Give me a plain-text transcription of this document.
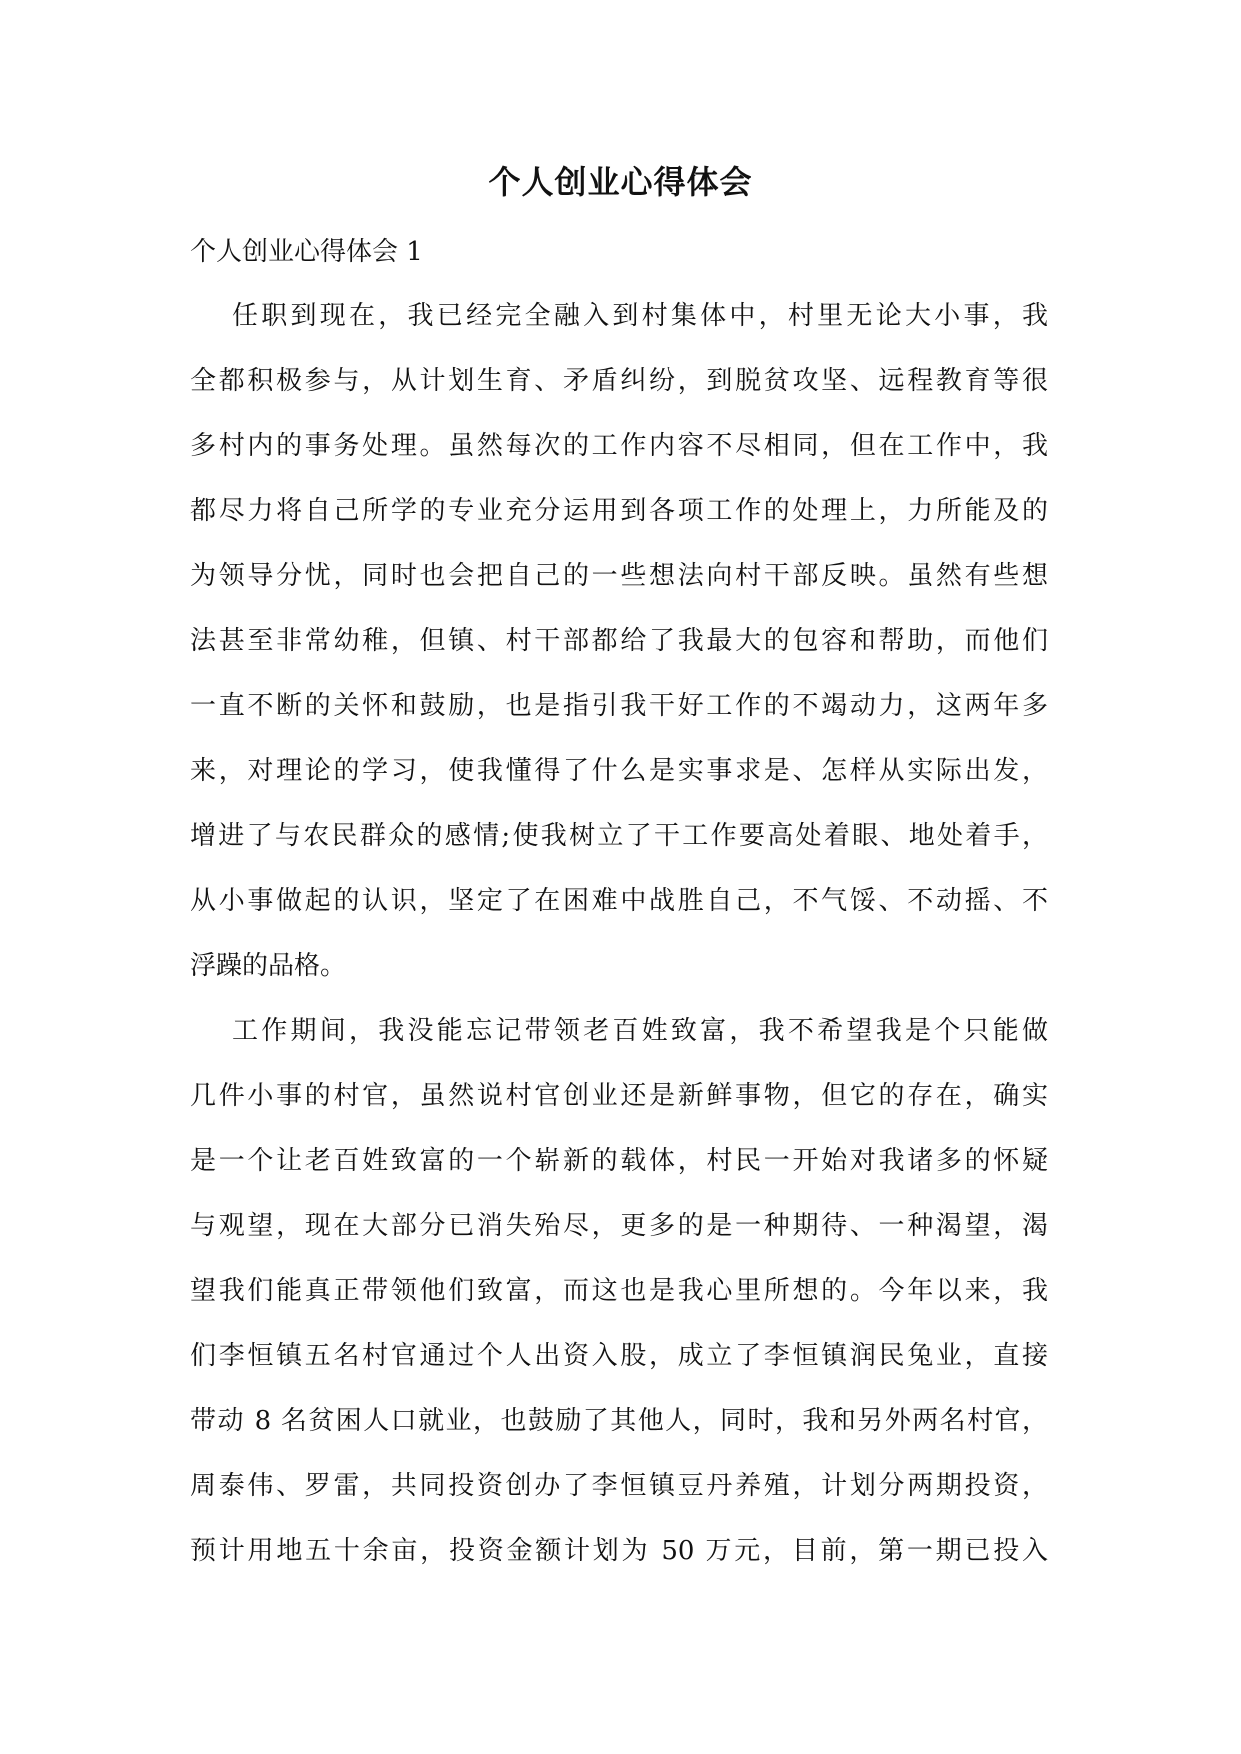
个人创业心得体会
个人创业心得体会 1
任职到现在，我已经完全融入到村集体中，村里无论大小事，我
全都积极参与，从计划生育、矛盾纠纷，到脱贫攻坚、远程教育等很
多村内的事务处理。虽然每次的工作内容不尽相同，但在工作中，我
都尽力将自己所学的专业充分运用到各项工作的处理上，力所能及的
为领导分忧，同时也会把自己的一些想法向村干部反映。虽然有些想
法甚至非常幼稚，但镇、村干部都给了我最大的包容和帮助，而他们
一直不断的关怀和鼓励，也是指引我干好工作的不竭动力，这两年多
来，对理论的学习，使我懂得了什么是实事求是、怎样从实际出发，
增进了与农民群众的感情;使我树立了干工作要高处着眼、地处着手，
从小事做起的认识，坚定了在困难中战胜自己，不气馁、不动摇、不
浮躁的品格。
工作期间，我没能忘记带领老百姓致富，我不希望我是个只能做
几件小事的村官，虽然说村官创业还是新鲜事物，但它的存在，确实
是一个让老百姓致富的一个崭新的载体，村民一开始对我诸多的怀疑
与观望，现在大部分已消失殆尽，更多的是一种期待、一种渴望，渴
望我们能真正带领他们致富，而这也是我心里所想的。今年以来，我
们李恒镇五名村官通过个人出资入股，成立了李恒镇润民兔业，直接
带动 8 名贫困人口就业，也鼓励了其他人，同时，我和另外两名村官，
周泰伟、罗雷，共同投资创办了李恒镇豆丹养殖，计划分两期投资，
预计用地五十余亩，投资金额计划为 50 万元，目前，第一期已投入
